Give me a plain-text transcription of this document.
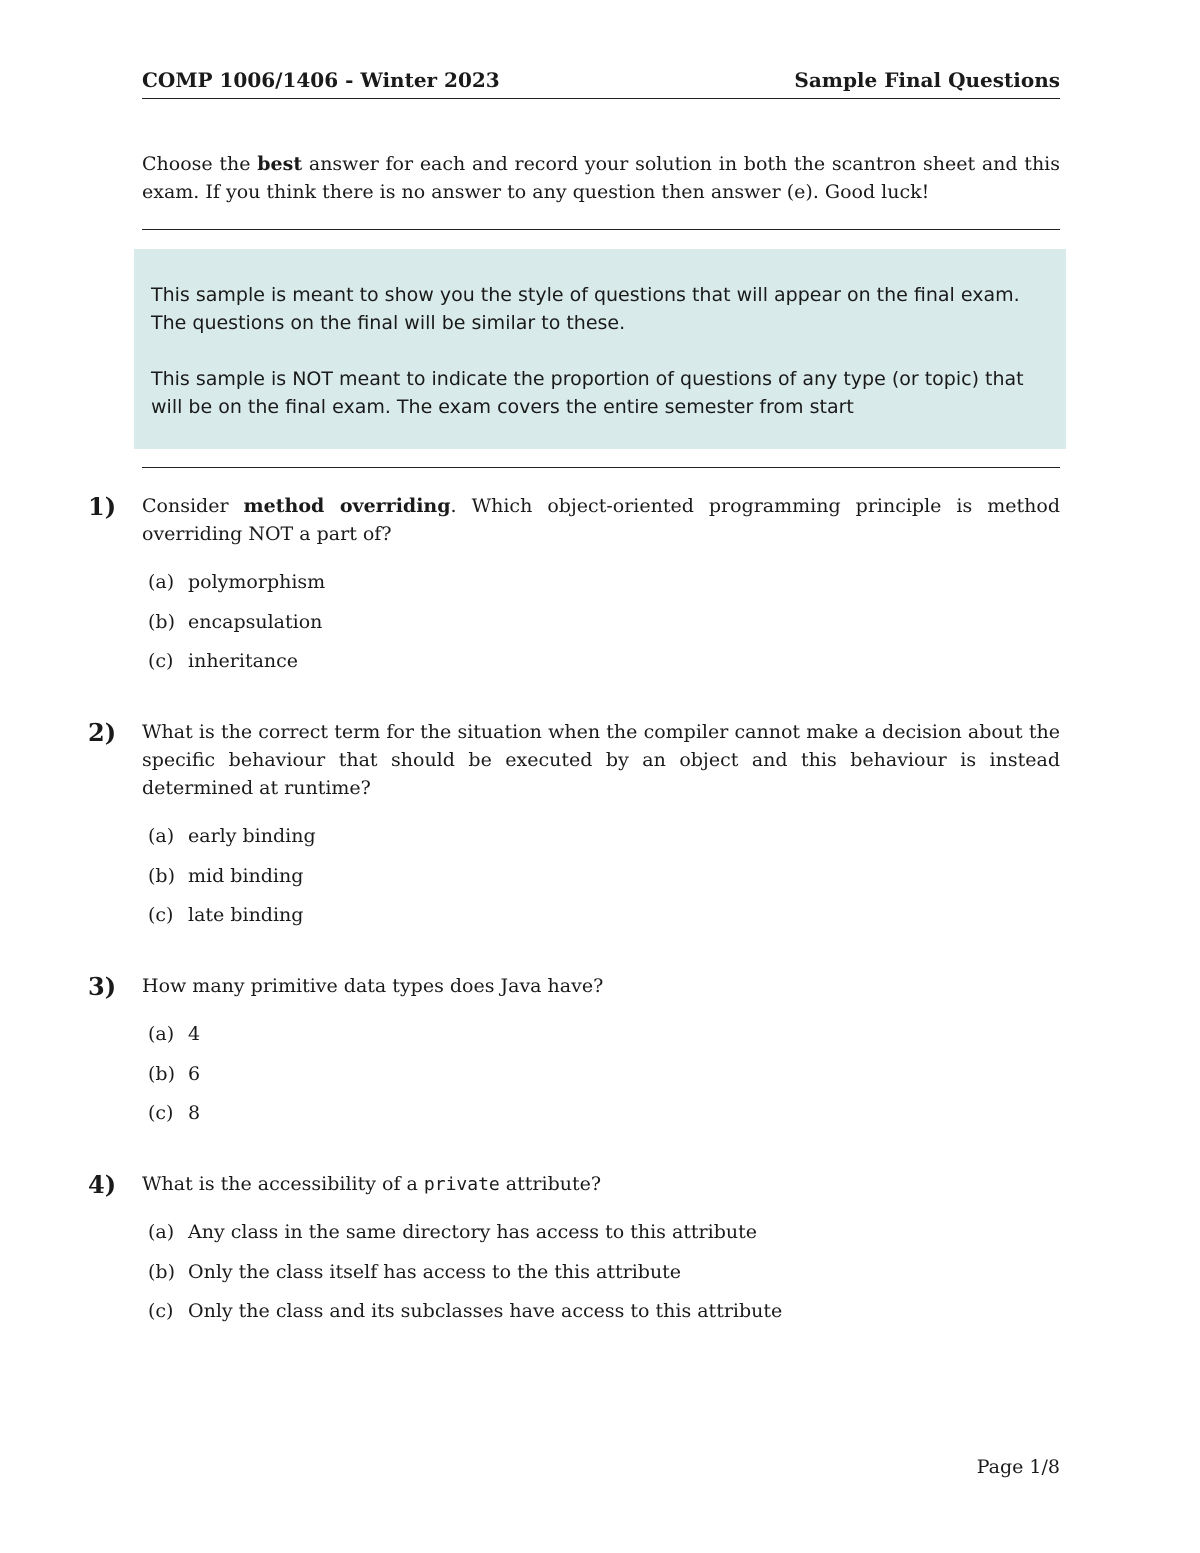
COMP 1006/1406 - Winter 2023	Sample Final Questions
Choose the best answer for each and record your solution in both the scantron sheet and this exam. If you think there is no answer to any question then answer (e). Good luck!

This sample is meant to show you the style of questions that will appear on the final exam. The questions on the final will be similar to these.

This sample is NOT meant to indicate the proportion of questions of any type (or topic) that will be on the final exam. The exam covers the entire semester from start

1) Consider method overriding. Which object-oriented programming principle is method overriding NOT a part of?
(a) polymorphism
(b) encapsulation
(c) inheritance
2) What is the correct term for the situation when the compiler cannot make a decision about the specific behaviour that should be executed by an object and this behaviour is instead determined at runtime?
(a) early binding
(b) mid binding
(c) late binding
3) How many primitive data types does Java have?
(a) 4
(b) 6
(c) 8
4) What is the accessibility of a private attribute?
(a) Any class in the same directory has access to this attribute
(b) Only the class itself has access to the this attribute
(c) Only the class and its subclasses have access to this attribute
Page 1/8
